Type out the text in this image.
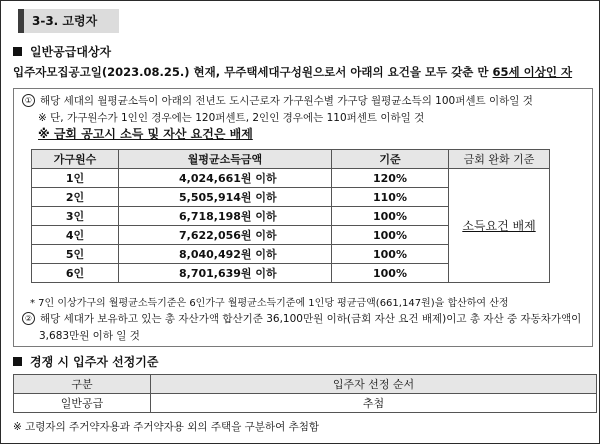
3-3. 고령자
일반공급대상자
입주자모집공고일(2023.08.25.) 현재, 무주택세대구성원으로서 아래의 요건을 모두 갖춘 만 65세 이상인 자
① 해당 세대의 월평균소득이 아래의 전년도 도시근로자 가구원수별 가구당 월평균소득의 100퍼센트 이하일 것
※ 단, 가구원수가 1인인 경우에는 120퍼센트, 2인인 경우에는 110퍼센트 이하일 것
※ 금회 공고시 소득 및 자산 요건은 배제
가구원수	월평균소득금액	기준	금회 완화 기준
1인	4,024,661원 이하	120%	소득요건 배제
2인	5,505,914원 이하	110%	
3인	6,718,198원 이하	100%	
4인	7,622,056원 이하	100%	
5인	8,040,492원 이하	100%	
6인	8,701,639원 이하	100%	
* 7인 이상가구의 월평균소득기준은 6인가구 월평균소득기준에 1인당 평균금액(661,147원)을 합산하여 산정
② 해당 세대가 보유하고 있는 총 자산가액 합산기준 36,100만원 이하(금회 자산 요건 배제)이고 총 자산 중 자동차가액이
3,683만원 이하 일 것
경쟁 시 입주자 선정기준
구분	입주자 선정 순서
일반공급	추첨
※ 고령자의 주거약자용과 주거약자용 외의 주택을 구분하여 추첨함
